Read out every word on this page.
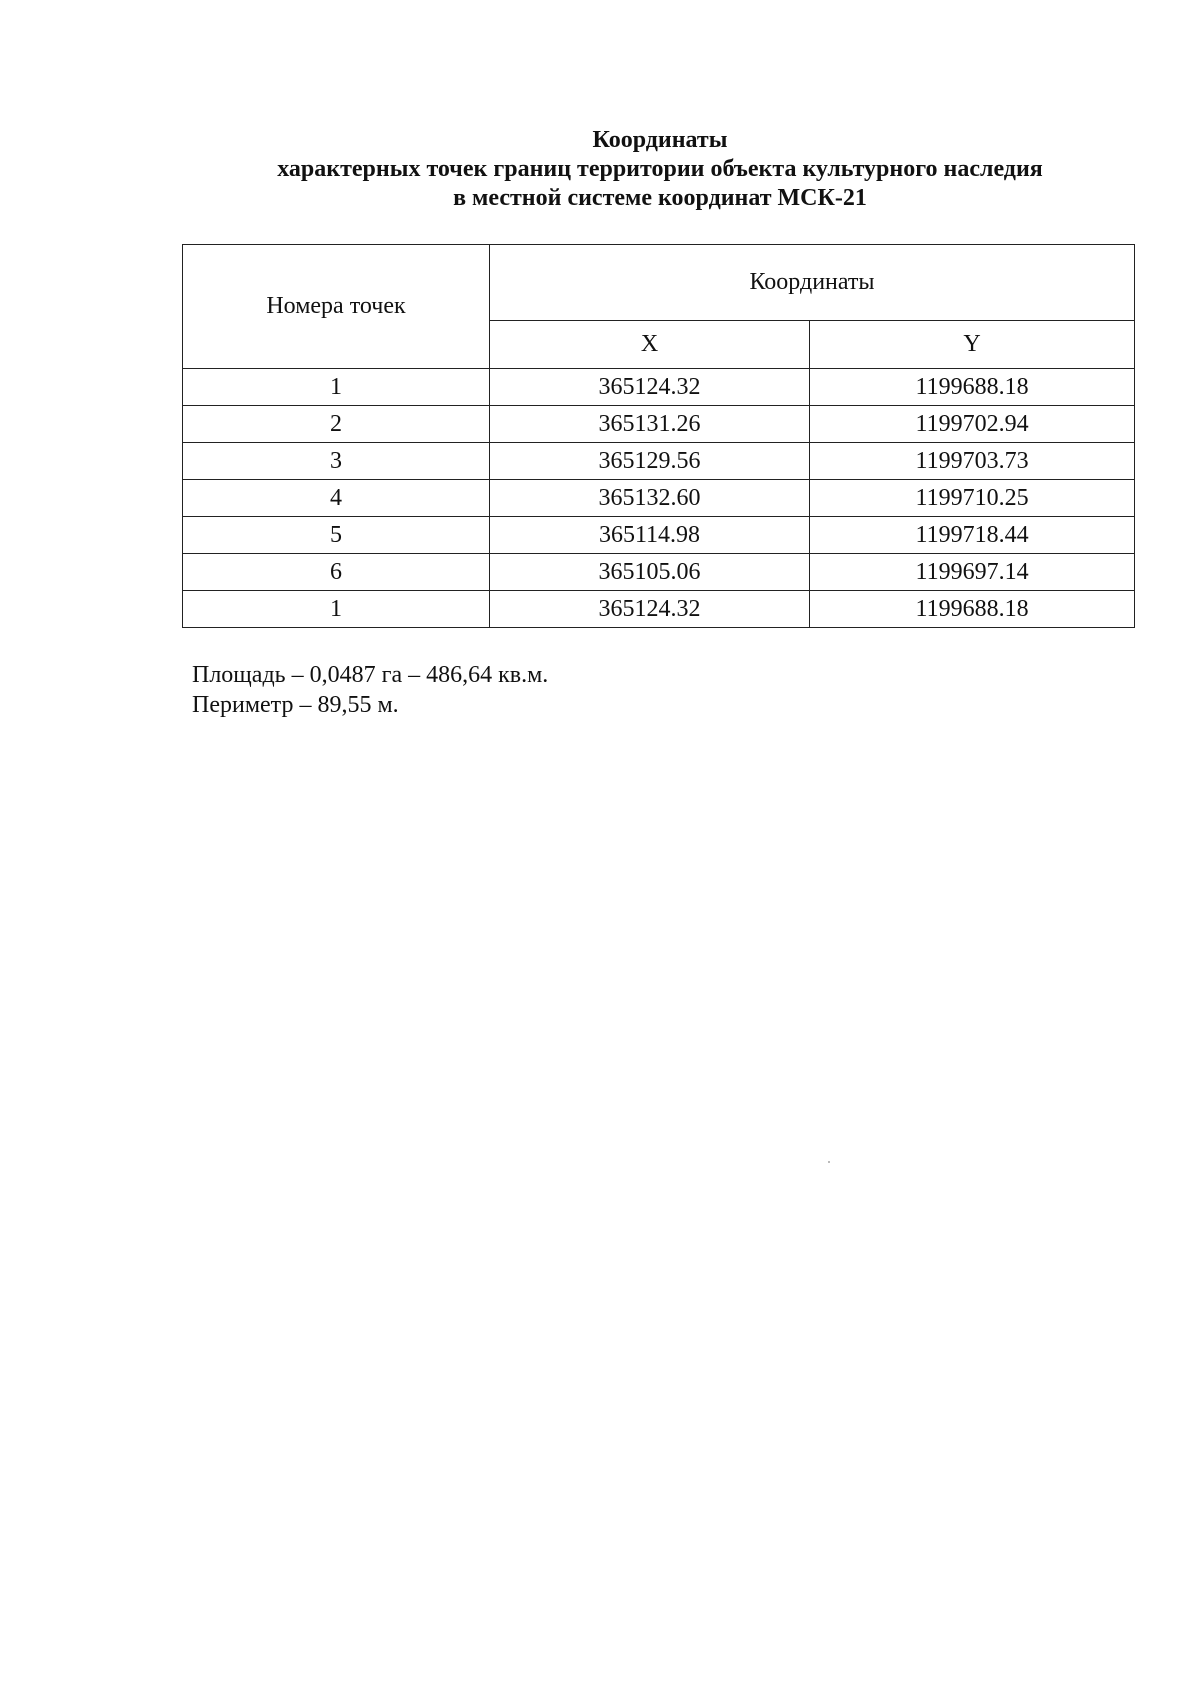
Координаты
характерных точек границ территории объекта культурного наследия
в местной системе координат МСК-21
Номера точек	Координаты	
	X	Y
1	365124.32	1199688.18
2	365131.26	1199702.94
3	365129.56	1199703.73
4	365132.60	1199710.25
5	365114.98	1199718.44
6	365105.06	1199697.14
1	365124.32	1199688.18
Площадь – 0,0487 га – 486,64 кв.м.
Периметр – 89,55 м.
